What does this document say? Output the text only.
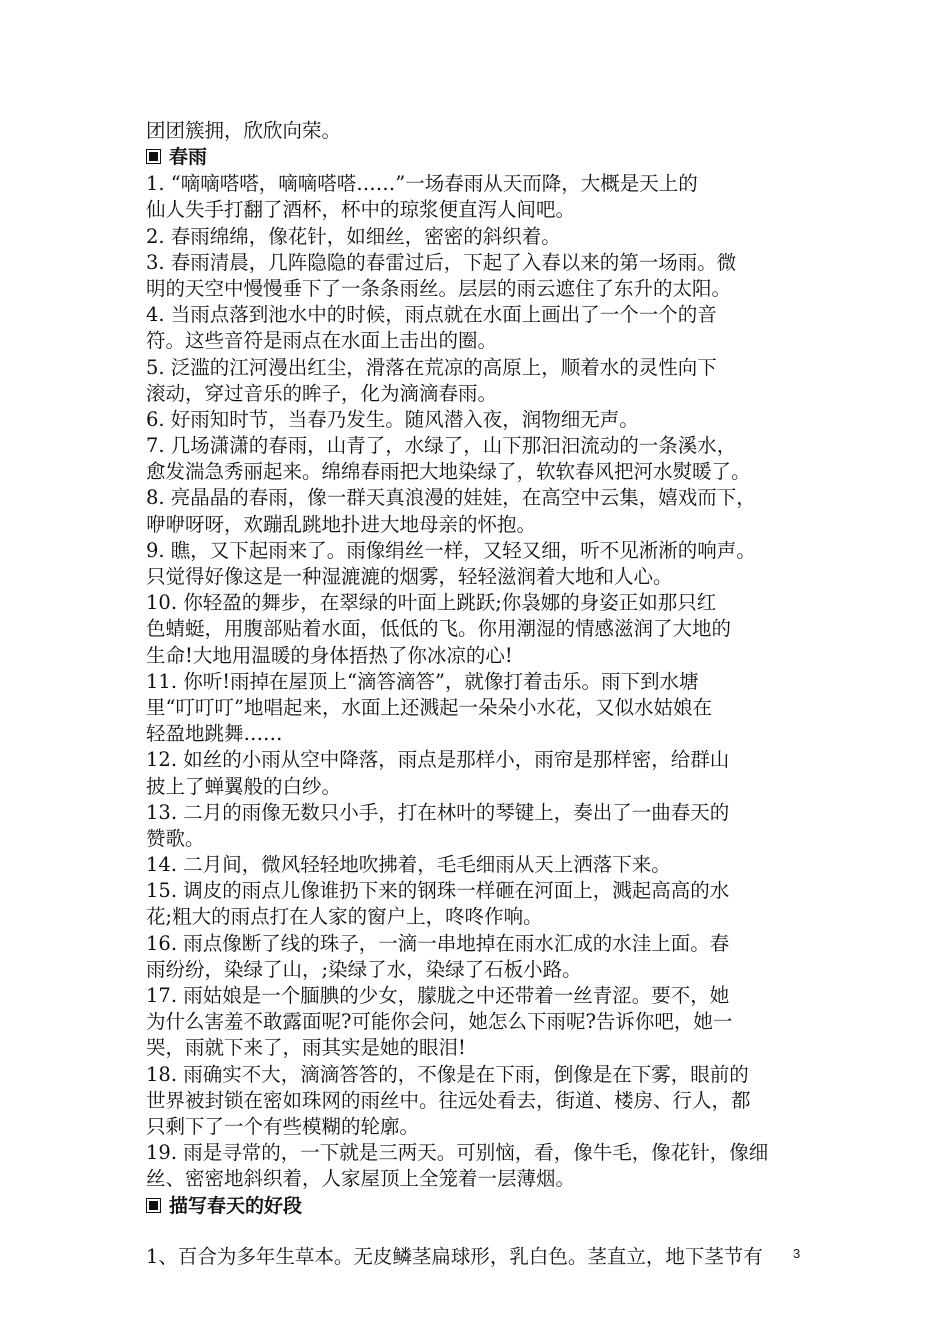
团团簇拥，欣欣向荣。
春雨
1. “嘀嘀嗒嗒，嘀嘀嗒嗒……”一场春雨从天而降，大概是天上的
仙人失手打翻了酒杯，杯中的琼浆便直泻人间吧。
2. 春雨绵绵，像花针，如细丝，密密的斜织着。
3. 春雨清晨，几阵隐隐的春雷过后，下起了入春以来的第一场雨。微
明的天空中慢慢垂下了一条条雨丝。层层的雨云遮住了东升的太阳。
4. 当雨点落到池水中的时候，雨点就在水面上画出了一个一个的音
符。这些音符是雨点在水面上击出的圈。
5. 泛滥的江河漫出红尘，滑落在荒凉的高原上，顺着水的灵性向下
滚动，穿过音乐的眸子，化为滴滴春雨。
6. 好雨知时节，当春乃发生。随风潜入夜，润物细无声。
7. 几场潇潇的春雨，山青了，水绿了，山下那汩汩流动的一条溪水，
愈发湍急秀丽起来。绵绵春雨把大地染绿了，软软春风把河水熨暖了。
8. 亮晶晶的春雨，像一群天真浪漫的娃娃，在高空中云集，嬉戏而下，
咿咿呀呀，欢蹦乱跳地扑进大地母亲的怀抱。
9. 瞧，又下起雨来了。雨像绢丝一样，又轻又细，听不见淅淅的响声。
只觉得好像这是一种湿漉漉的烟雾，轻轻滋润着大地和人心。
10. 你轻盈的舞步，在翠绿的叶面上跳跃;你袅娜的身姿正如那只红
色蜻蜓，用腹部贴着水面，低低的飞。你用潮湿的情感滋润了大地的
生命!大地用温暖的身体捂热了你冰凉的心!
11. 你听!雨掉在屋顶上“滴答滴答”，就像打着击乐。雨下到水塘
里“叮叮叮”地唱起来，水面上还溅起一朵朵小水花，又似水姑娘在
轻盈地跳舞……
12. 如丝的小雨从空中降落，雨点是那样小，雨帘是那样密，给群山
披上了蝉翼般的白纱。
13. 二月的雨像无数只小手，打在林叶的琴键上，奏出了一曲春天的
赞歌。
14. 二月间，微风轻轻地吹拂着，毛毛细雨从天上洒落下来。
15. 调皮的雨点儿像谁扔下来的钢珠一样砸在河面上，溅起高高的水
花;粗大的雨点打在人家的窗户上，咚咚作响。
16. 雨点像断了线的珠子，一滴一串地掉在雨水汇成的水洼上面。春
雨纷纷，染绿了山，;染绿了水，染绿了石板小路。
17. 雨姑娘是一个腼腆的少女，朦胧之中还带着一丝青涩。要不，她
为什么害羞不敢露面呢?可能你会问，她怎么下雨呢?告诉你吧，她一
哭，雨就下来了，雨其实是她的眼泪!
18. 雨确实不大，滴滴答答的，不像是在下雨，倒像是在下雾，眼前的
世界被封锁在密如珠网的雨丝中。往远处看去，街道、楼房、行人，都
只剩下了一个有些模糊的轮廓。
19. 雨是寻常的，一下就是三两天。可别恼，看，像牛毛，像花针，像细
丝、密密地斜织着，人家屋顶上全笼着一层薄烟。
描写春天的好段
1、百合为多年生草本。无皮鳞茎扁球形，乳白色。茎直立，地下茎节有	3
